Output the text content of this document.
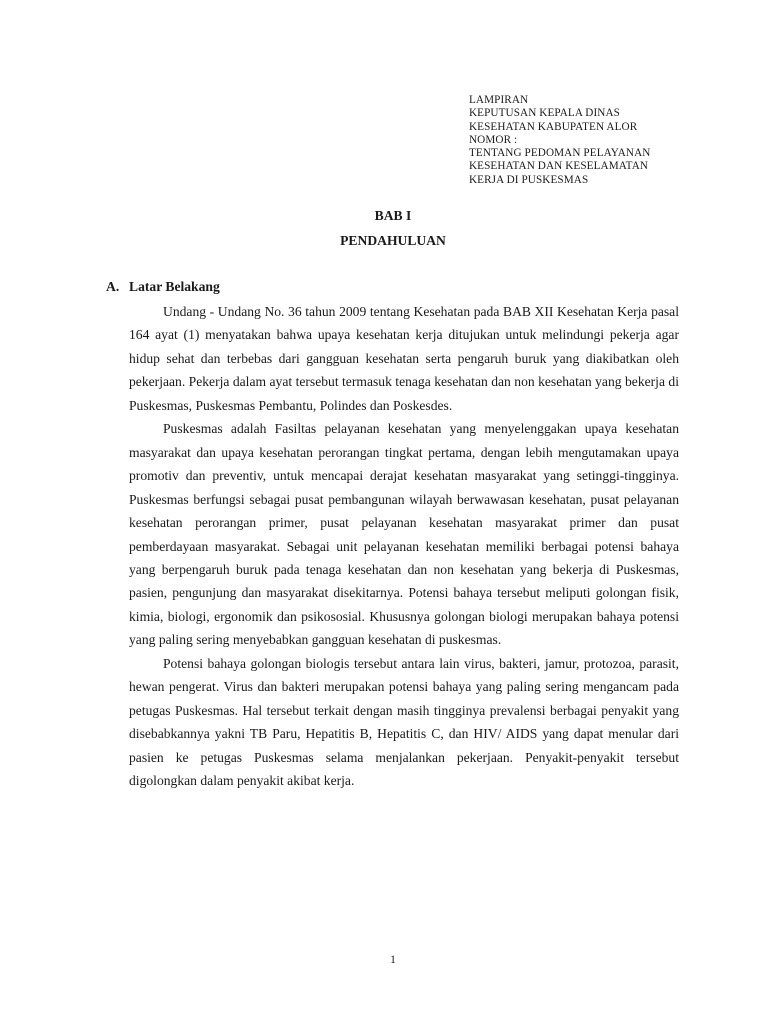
LAMPIRAN
KEPUTUSAN KEPALA DINAS
KESEHATAN KABUPATEN ALOR
NOMOR :
TENTANG PEDOMAN PELAYANAN
KESEHATAN DAN KESELAMATAN
KERJA DI PUSKESMAS
BAB I
PENDAHULUAN
A. Latar Belakang

Undang - Undang No. 36 tahun 2009 tentang Kesehatan pada BAB XII Kesehatan Kerja pasal 164 ayat (1) menyatakan bahwa upaya kesehatan kerja ditujukan untuk melindungi pekerja agar hidup sehat dan terbebas dari gangguan kesehatan serta pengaruh buruk yang diakibatkan oleh pekerjaan. Pekerja dalam ayat tersebut termasuk tenaga kesehatan dan non kesehatan yang bekerja di Puskesmas, Puskesmas Pembantu, Polindes dan Poskesdes.

Puskesmas adalah Fasiltas pelayanan kesehatan yang menyelenggakan upaya kesehatan masyarakat dan upaya kesehatan perorangan tingkat pertama, dengan lebih mengutamakan upaya promotiv dan preventiv, untuk mencapai derajat kesehatan masyarakat yang setinggi-tingginya. Puskesmas berfungsi sebagai pusat pembangunan wilayah berwawasan kesehatan, pusat pelayanan kesehatan perorangan primer, pusat pelayanan kesehatan masyarakat primer dan pusat pemberdayaan masyarakat. Sebagai unit pelayanan kesehatan memiliki berbagai potensi bahaya yang berpengaruh buruk pada tenaga kesehatan dan non kesehatan yang bekerja di Puskesmas, pasien, pengunjung dan masyarakat disekitarnya. Potensi bahaya tersebut meliputi golongan fisik, kimia, biologi, ergonomik dan psikososial. Khususnya golongan biologi merupakan bahaya potensi yang paling sering menyebabkan gangguan kesehatan di puskesmas.

Potensi bahaya golongan biologis tersebut antara lain virus, bakteri, jamur, protozoa, parasit, hewan pengerat. Virus dan bakteri merupakan potensi bahaya yang paling sering mengancam pada petugas Puskesmas. Hal tersebut terkait dengan masih tingginya prevalensi berbagai penyakit yang disebabkannya yakni TB Paru, Hepatitis B, Hepatitis C, dan HIV/ AIDS yang dapat menular dari pasien ke petugas Puskesmas selama menjalankan pekerjaan. Penyakit-penyakit tersebut digolongkan dalam penyakit akibat kerja.

1
